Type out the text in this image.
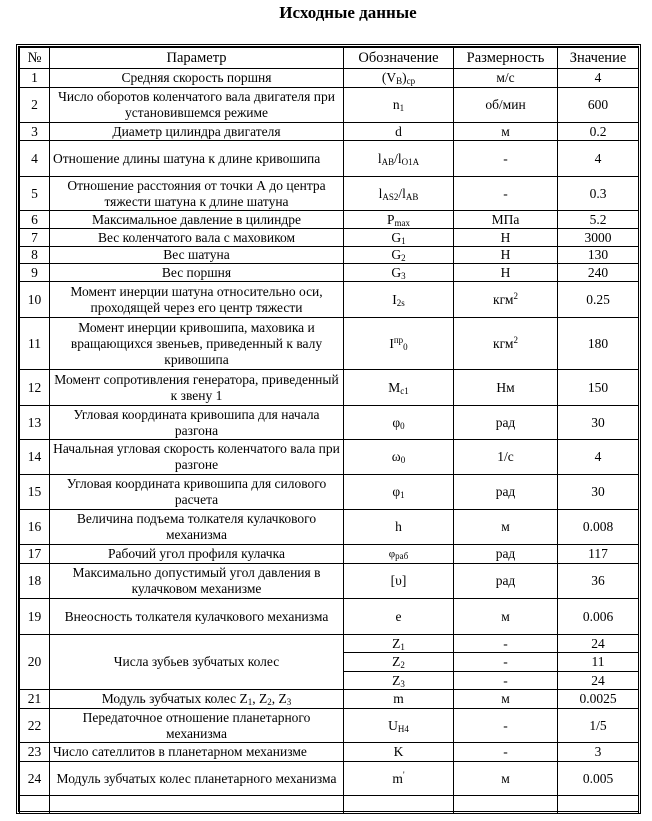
Исходные данные
№	Параметр	Обозначение	Размерность	Значение
1	Средняя скорость поршня	$(V_B)_{ср}$	м/с	4
2	Число оборотов коленчатого вала двигателя при установившемся режиме	$n_1$	об/мин	600
3	Диаметр цилиндра двигателя	d	м	0.2
4	Отношение длины шатуна к длине кривошипа	$l_{AB}/l_{O1A}$	-	4
5	Отношение расстояния от точки А до центра тяжести шатуна к длине шатуна	$l_{AS2}/l_{AB}$	-	0.3
6	Максимальное давление в цилиндре	$P_{max}$	МПа	5.2
7	Вес коленчатого вала с маховиком	$G_1$	Н	3000
8	Вес шатуна	$G_2$	Н	130
9	Вес поршня	$G_3$	Н	240
10	Момент инерции шатуна относительно оси, проходящей через его центр тяжести	$I_{2s}$	кгм$^2$	0.25
11	Момент инерции кривошипа, маховика и вращающихся звеньев, приведенный к валу кривошипа	$I^{пр}_0$	кгм$^2$	180
12	Момент сопротивления генератора, приведенный к звену 1	$M_{c1}$	Нм	150
13	Угловая координата кривошипа для начала разгона	$\varphi_0$	рад	30
14	Начальная угловая скорость коленчатого вала при разгоне	$\omega_0$	1/с	4
15	Угловая координата кривошипа для силового расчета	$\varphi_1$	рад	30
16	Величина подъема толкателя кулачкового механизма	h	м	0.008
17	Рабочий угол профиля кулачка	$\varphi_{раб}$	рад	117
18	Максимально допустимый угол давления в кулачковом механизме	[υ]	рад	36
19	Внеосность толкателя кулачкового механизма	e	м	0.006
20	Числа зубьев зубчатых колес	$Z_1$	-	24
		$Z_2$	-	11
		$Z_3$	-	24
21	Модуль зубчатых колес $Z_1$, $Z_2$, $Z_3$	m	м	0.0025
22	Передаточное отношение планетарного механизма	$U_{H4}$	-	1/5
23	Число сателлитов в планетарном механизме	K	-	3
24	Модуль зубчатых колес планетарного механизма	m'	м	0.005
